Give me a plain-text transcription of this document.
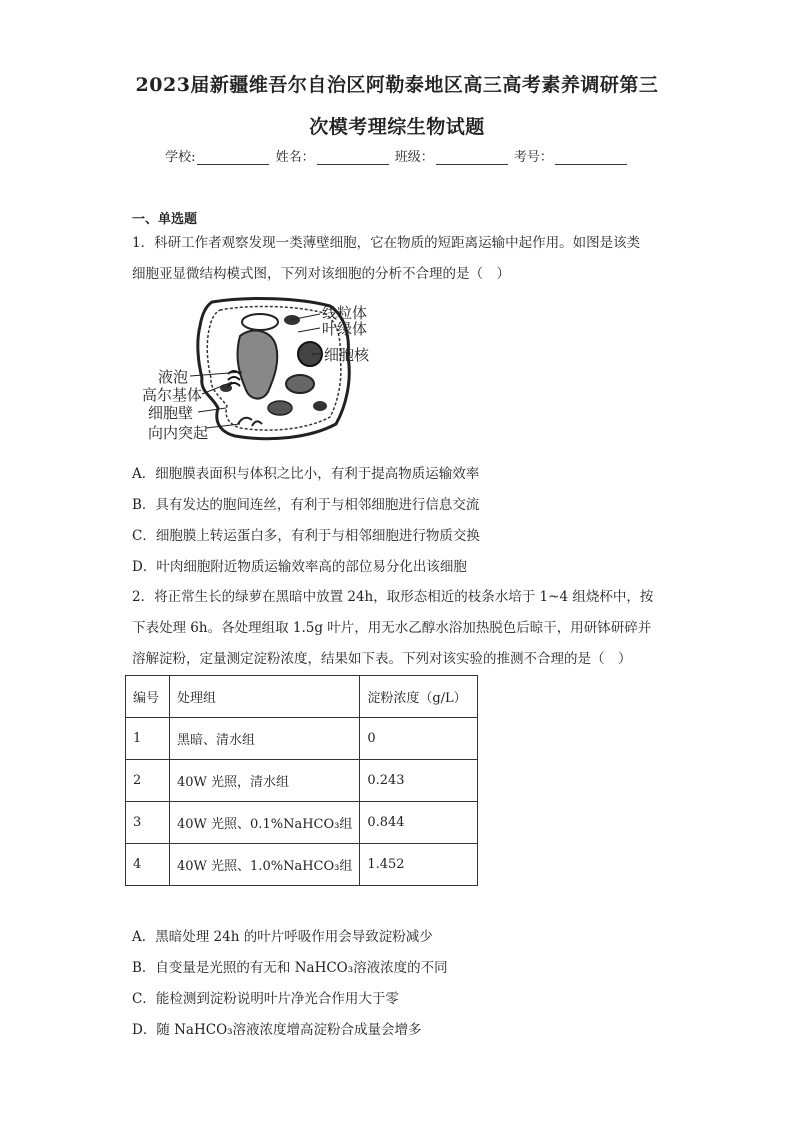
2023届新疆维吾尔自治区阿勒泰地区高三高考素养调研第三
次模考理综生物试题
学校:	姓名：	班级：	考号：
一、单选题
1．科研工作者观察发现一类薄壁细胞，它在物质的短距离运输中起作用。如图是该类
细胞亚显微结构模式图，下列对该细胞的分析不合理的是（　）
线粒体
叶绿体
细胞核
液泡
高尔基体
细胞壁
向内突起
A．细胞膜表面积与体积之比小，有利于提高物质运输效率
B．具有发达的胞间连丝，有利于与相邻细胞进行信息交流
C．细胞膜上转运蛋白多，有利于与相邻细胞进行物质交换
D．叶肉细胞附近物质运输效率高的部位易分化出该细胞
2．将正常生长的绿萝在黑暗中放置 24h，取形态相近的枝条水培于 1~4 组烧杯中，按
下表处理 6h。各处理组取 1.5g 叶片，用无水乙醇水浴加热脱色后晾干，用研钵研碎并
溶解淀粉，定量测定淀粉浓度，结果如下表。下列对该实验的推测不合理的是（　）
编号	处理组	淀粉浓度（g/L）
1	黑暗、清水组	0
2	40W 光照，清水组	0.243
3	40W 光照、0.1%NaHCO₃组	0.844
4	40W 光照、1.0%NaHCO₃组	1.452
A．黑暗处理 24h 的叶片呼吸作用会导致淀粉减少
B．自变量是光照的有无和 NaHCO₃溶液浓度的不同
C．能检测到淀粉说明叶片净光合作用大于零
D．随 NaHCO₃溶液浓度增高淀粉合成量会增多
